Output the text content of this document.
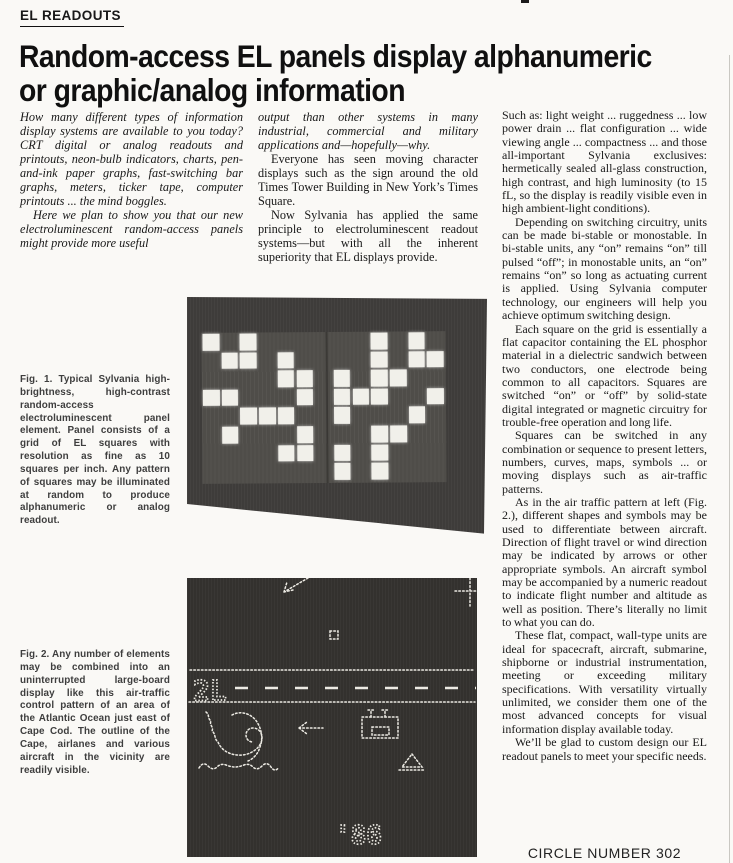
EL READOUTS
Random-access EL panels display alphanumeric
or graphic/analog information

How many different types of information display systems are available to you today? CRT digital or analog readouts and printouts, neon-bulb indicators, charts, pen-and-ink paper graphs, fast-switching bar graphs, meters, ticker tape, computer printouts ... the mind boggles.

Here we plan to show you that our new electroluminescent random-access panels might provide more useful

output than other systems in many industrial, commercial and military applications and—hopefully—why.

Everyone has seen moving character displays such as the sign around the old Times Tower Building in New York’s Times Square.

Now Sylvania has applied the same principle to electroluminescent readout systems—but with all the inherent superiority that EL displays provide.

Such as: light weight ... ruggedness ... low power drain ... flat configuration ... wide viewing angle ... compactness ... and those all-important Sylvania exclusives: hermetically sealed all-glass construction, high contrast, and high luminosity (to 15 fL, so the display is readily visible even in high ambient-light conditions).

Depending on switching circuitry, units can be made bi-stable or monostable. In bi-stable units, any “on” remains “on” till pulsed “off”; in monostable units, an “on” remains “on” so long as actuating current is applied. Using Sylvania computer technology, our engineers will help you achieve optimum switching design.

Each square on the grid is essentially a flat capacitor containing the EL phosphor material in a dielectric sandwich between two conductors, one electrode being common to all capacitors. Squares are switched “on” or “off” by solid-state digital integrated or magnetic circuitry for trouble-free operation and long life.

Squares can be switched in any combination or sequence to present letters, numbers, curves, maps, symbols ... or moving displays such as air-traffic patterns.

As in the air traffic pattern at left (Fig. 2.), different shapes and symbols may be used to differentiate between aircraft. Direction of flight travel or wind direction may be indicated by arrows or other appropriate symbols. An aircraft symbol may be accompanied by a numeric readout to indicate flight number and altitude as well as position. There’s literally no limit to what you can do.

These flat, compact, wall-type units are ideal for spacecraft, aircraft, submarine, shipborne or industrial instrumentation, meeting or exceeding military specifications. With versatility virtually unlimited, we consider them one of the most advanced concepts for visual information display available today.

We’ll be glad to custom design our EL readout panels to meet your specific needs.

Fig. 1. Typical Sylvania high-brightness, high-contrast random-access electroluminescent panel element. Panel consists of a grid of EL squares with resolution as fine as 10 squares per inch. Any pattern of squares may be illuminated at random to produce alphanumeric or analog readout.
Fig. 2. Any number of elements may be combined into an uninterrupted large-board display like this air-traffic control pattern of an area of the Atlantic Ocean just east of Cape Cod. The outline of the Cape, airlanes and various aircraft in the vicinity are readily visible.
2L
'86
CIRCLE NUMBER 302
